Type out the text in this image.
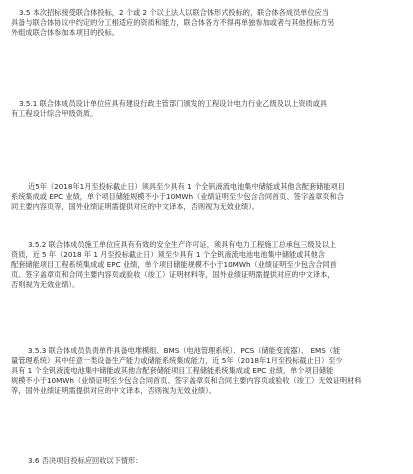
3.5 本次招标接受联合体投标，2 个或 2 个以上法人以联合体形式投标的，联合体各成员单位应当
具备与联合体协议中约定的分工相适应的资质和能力，联合体各方不得再单独参加或者与其他投标方另
外组成联合体参加本项目的投标。
3.5.1 联合体成员设计单位应具有建设行政主管部门颁发的工程设计电力行业乙级及以上资质或具
有工程设计综合甲级资质。
近5年（2018年1月至投标截止日）须具至少具有 1 个全钒液流电池集中储能或其他含配套储能项目
系统集成或 EPC 业绩，单个项目储能规模不小于10MWh（业绩证明至少包含合同首页、签字盖章页和合
同主要内容页等，国外业绩证明需提供对应的中文译本，否则视为无效业绩）。
3.5.2 联合体成员施工单位应具有有效的安全生产许可证，须具有电力工程施工总承包三级及以上
资质，近 5 年（2018 年 1 月至投标截止日）须至少具有 1 个全钒液流电池电池集中储能或其他含
配套储能项目工程系统集成或 EPC 业绩，单个项目储能规模不小于10MWh（业绩证明至少包含合同首
页、签字盖章页和合同主要内容页或验收（竣工）证明材料等，国外业绩证明需提供对应的中文译本，
否则视为无效业绩）。
3.5.3 联合体成员负责单件具备电堆模组、BMS（电池管理系统）、PCS（储能变流器）、 EMS（能
量管理系统）其中任意一类设备生产能力或储能系统集成能力，近 5年（2018年1月至投标截止日）至少
具有 1 个全钒液流电池集中储能或其他含配套储能项目工程储能系统集成或 EPC 业绩，单个项目储能
规模不小于10MWh（业绩证明至少包含合同首页、签字盖章页和合同主要内容页或验收（竣工）无效证明材料
等，国外业绩证明需提供对应的中文译本，否则视为无效业绩）。
3.6 否决项目投标应回收以下情形：
